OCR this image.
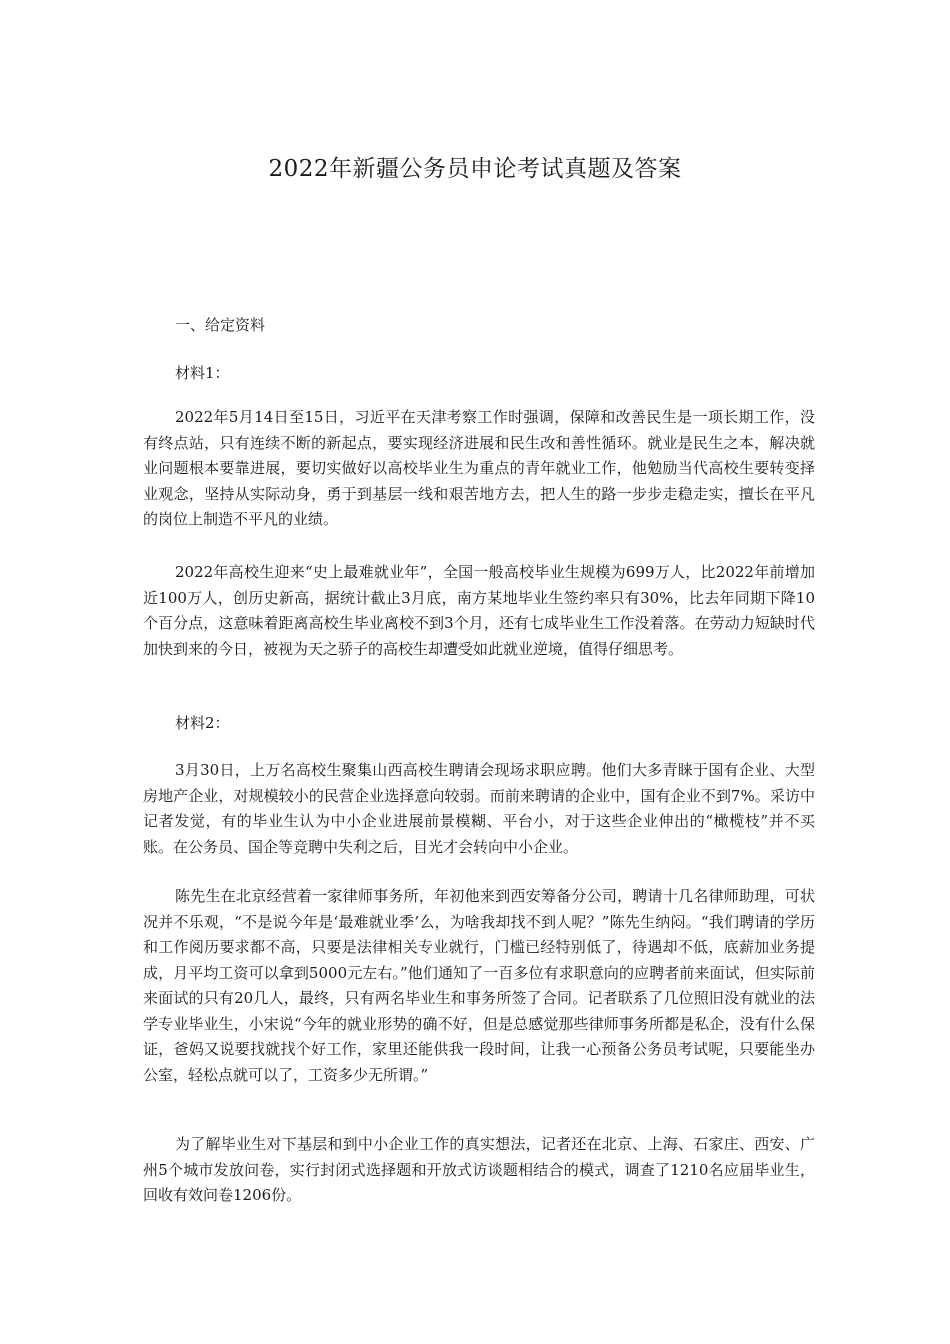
2022年新疆公务员申论考试真题及答案
一、给定资料
材料1：
2022年5月14日至15日，习近平在天津考察工作时强调，保障和改善民生是一项长期工作，没有终点站，只有连续不断的新起点，要实现经济进展和民生改和善性循环。就业是民生之本，解决就业问题根本要靠进展，要切实做好以高校毕业生为重点的青年就业工作，他勉励当代高校生要转变择业观念，坚持从实际动身，勇于到基层一线和艰苦地方去，把人生的路一步步走稳走实，擅长在平凡的岗位上制造不平凡的业绩。
2022年高校生迎来“史上最难就业年”，全国一般高校毕业生规模为699万人，比2022年前增加近100万人，创历史新高，据统计截止3月底，南方某地毕业生签约率只有30%，比去年同期下降10个百分点，这意味着距离高校生毕业离校不到3个月，还有七成毕业生工作没着落。在劳动力短缺时代加快到来的今日，被视为天之骄子的高校生却遭受如此就业逆境，值得仔细思考。
材料2：
3月30日，上万名高校生聚集山西高校生聘请会现场求职应聘。他们大多青睐于国有企业、大型房地产企业，对规模较小的民营企业选择意向较弱。而前来聘请的企业中，国有企业不到7%。采访中记者发觉，有的毕业生认为中小企业进展前景模糊、平台小，对于这些企业伸出的“橄榄枝”并不买账。在公务员、国企等竞聘中失利之后，目光才会转向中小企业。
陈先生在北京经营着一家律师事务所，年初他来到西安筹备分公司，聘请十几名律师助理，可状况并不乐观，“不是说今年是‘最难就业季’么，为啥我却找不到人呢？”陈先生纳闷。“我们聘请的学历和工作阅历要求都不高，只要是法律相关专业就行，门槛已经特别低了，待遇却不低，底薪加业务提成，月平均工资可以拿到5000元左右。”他们通知了一百多位有求职意向的应聘者前来面试，但实际前来面试的只有20几人，最终，只有两名毕业生和事务所签了合同。记者联系了几位照旧没有就业的法学专业毕业生，小宋说“今年的就业形势的确不好，但是总感觉那些律师事务所都是私企，没有什么保证，爸妈又说要找就找个好工作，家里还能供我一段时间，让我一心预备公务员考试呢，只要能坐办公室，轻松点就可以了，工资多少无所谓。”
为了解毕业生对下基层和到中小企业工作的真实想法，记者还在北京、上海、石家庄、西安、广州5个城市发放问卷，实行封闭式选择题和开放式访谈题相结合的模式，调查了1210名应届毕业生，回收有效问卷1206份。
